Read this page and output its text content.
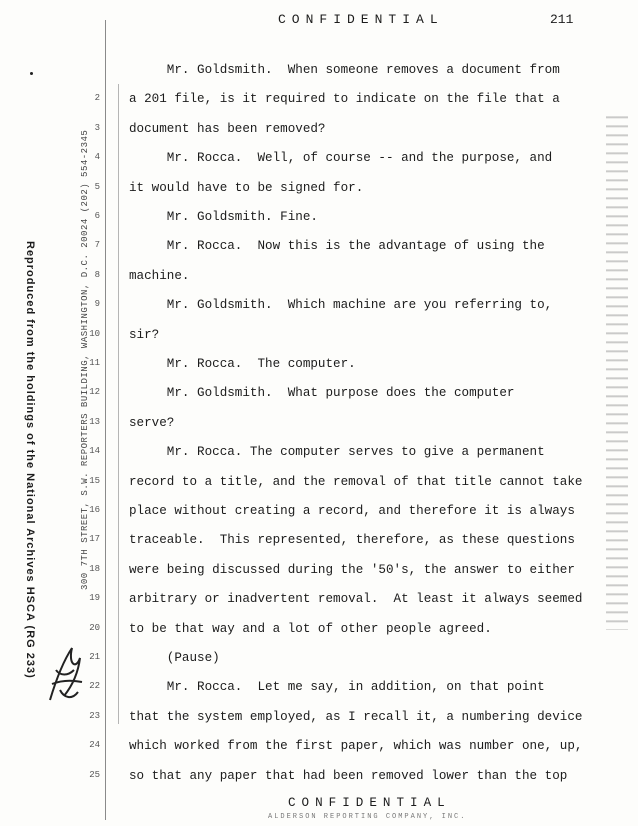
CONFIDENTIAL	211
Reproduced from the holdings of the National Archives HSCA (RG 233)	300 7TH STREET, S.W. REPORTERS BUILDING, WASHINGTON, D.C. 20024 (202) 554-2345
2
3
4
5
6
7
8
9
10
11
12
13
14
15
16
17
18
19
20
21
22
23
24
25
Mr. Goldsmith.  When someone removes a document from
a 201 file, is it required to indicate on the file that a
document has been removed?
Mr. Rocca.  Well, of course -- and the purpose, and
it would have to be signed for.
Mr. Goldsmith. Fine.
Mr. Rocca.  Now this is the advantage of using the
machine.
Mr. Goldsmith.  Which machine are you referring to,
sir?
Mr. Rocca.  The computer.
Mr. Goldsmith.  What purpose does the computer
serve?
Mr. Rocca. The computer serves to give a permanent
record to a title, and the removal of that title cannot take
place without creating a record, and therefore it is always
traceable.  This represented, therefore, as these questions
were being discussed during the '50's, the answer to either
arbitrary or inadvertent removal.  At least it always seemed
to be that way and a lot of other people agreed.
(Pause)
Mr. Rocca.  Let me say, in addition, on that point
that the system employed, as I recall it, a numbering device
which worked from the first paper, which was number one, up,
so that any paper that had been removed lower than the top
CONFIDENTIAL
ALDERSON REPORTING COMPANY, INC.
